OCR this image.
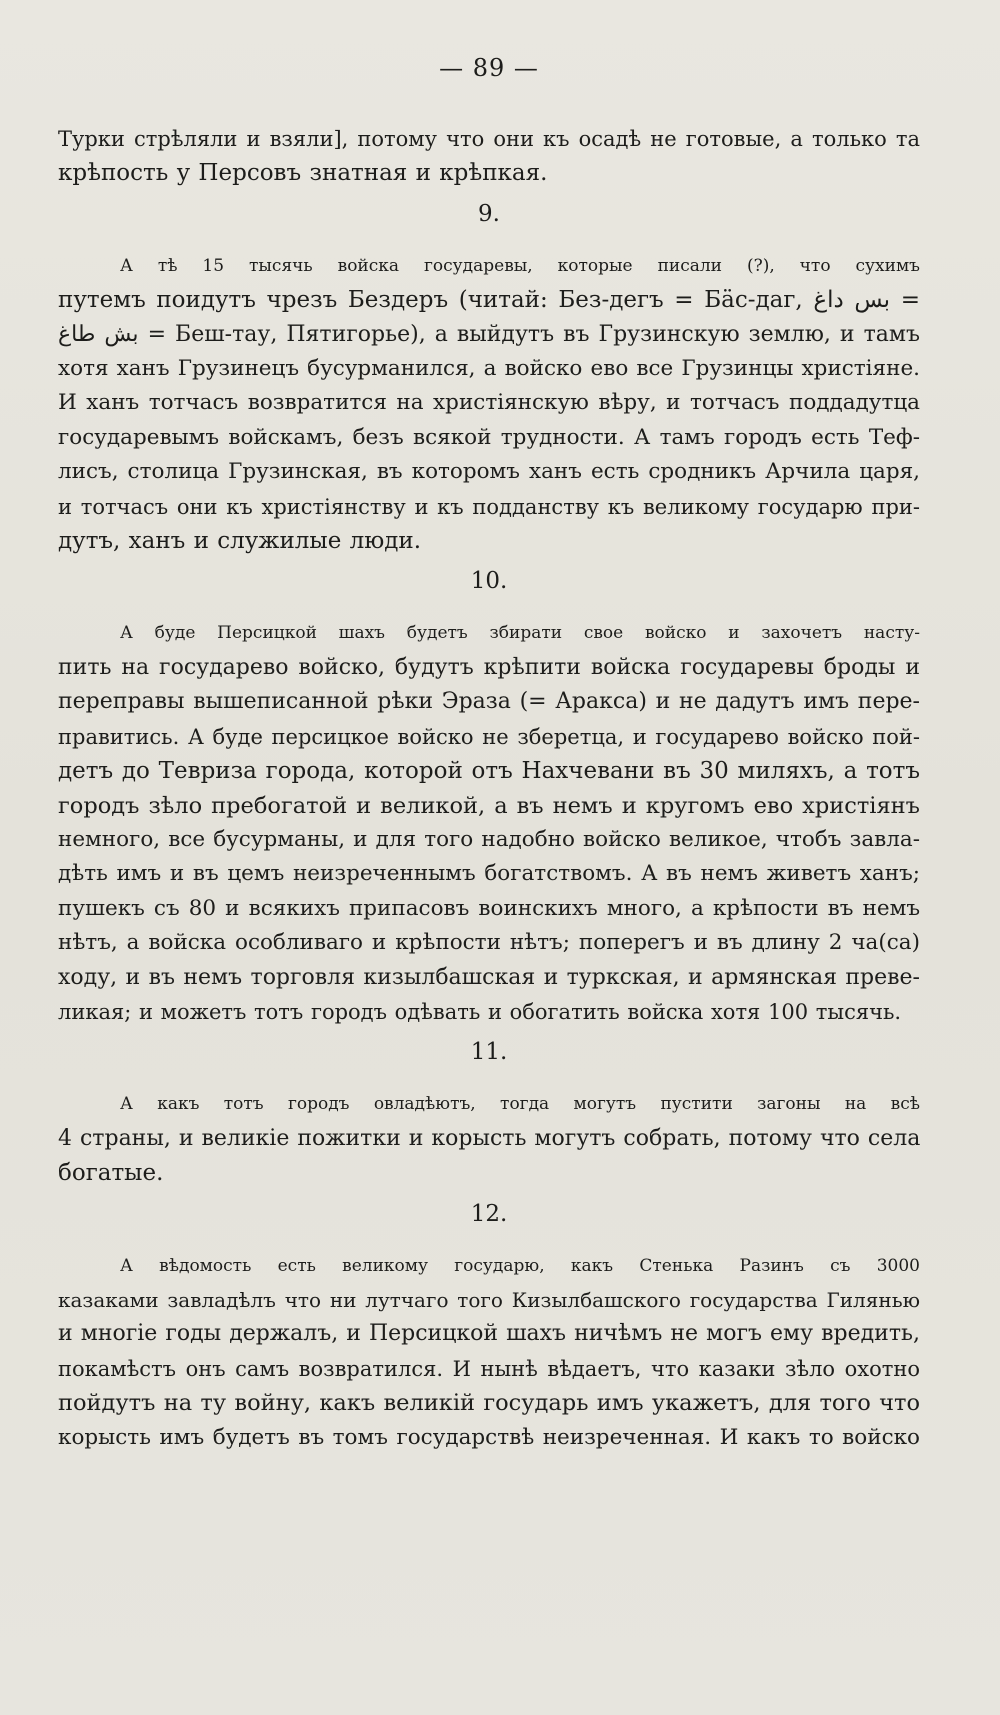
— 89 —
Турки стрѣляли и взяли], потому что они къ осадѣ не готовые, а только та
крѣпость у Персовъ знатная и крѣпкая.
9.
А тѣ 15 тысячь войска государевы, которые писали (?), что сухимъ
путемъ поидутъ чрезъ Бездеръ (читай: Без-дегъ = Бäс-даг, بس داغ =
بش طاغ = Беш-тау, Пятигорье), а выйдутъ въ Грузинскую землю, и тамъ
хотя ханъ Грузинецъ бусурманился, а войско ево все Грузинцы христiяне.
И ханъ тотчасъ возвратится на христiянскую вѣру, и тотчасъ поддадутца
государевымъ войскамъ, безъ всякой трудности. А тамъ городъ есть Теф-
лисъ, столица Грузинская, въ которомъ ханъ есть сродникъ Арчила царя,
и тотчасъ они къ христiянству и къ подданству къ великому государю при-
дутъ, ханъ и служилые люди.
10.
А буде Персицкой шахъ будетъ збирати свое войско и захочетъ насту-
пить на государево войско, будутъ крѣпити войска государевы броды и
переправы вышеписанной рѣки Эраза (= Аракса) и не дадутъ имъ пере-
правитись. А буде персицкое войско не зберетца, и государево войско пой-
детъ до Тевриза города, которой отъ Нахчевани въ 30 миляхъ, а тотъ
городъ зѣло пребогатой и великой, а въ немъ и кругомъ ево христiянъ
немного, все бусурманы, и для того надобно войско великое, чтобъ завла-
дѣть имъ и въ цемъ неизреченнымъ богатствомъ. А въ немъ живетъ ханъ;
пушекъ съ 80 и всякихъ припасовъ воинскихъ много, а крѣпости въ немъ
нѣтъ, а войска особливаго и крѣпости нѣтъ; поперегъ и въ длину 2 ча(са)
ходу, и въ немъ торговля кизылбашская и туркская, и армянская преве-
ликая; и можетъ тотъ городъ одѣвать и обогатить войска хотя 100 тысячь.
11.
А какъ тотъ городъ овладѣютъ, тогда могутъ пустити загоны на всѣ
4 страны, и великiе пожитки и корысть могутъ собрать, потому что села
богатые.
12.
А вѣдомость есть великому государю, какъ Стенька Разинъ съ 3000
казаками завладѣлъ что ни лутчаго того Кизылбашского государства Гилянью
и многiе годы держалъ, и Персицкой шахъ ничѣмъ не могъ ему вредить,
покамѣстъ онъ самъ возвратился. И нынѣ вѣдаетъ, что казаки зѣло охотно
пойдутъ на ту войну, какъ великiй государь имъ укажетъ, для того что
корысть имъ будетъ въ томъ государствѣ неизреченная. И какъ то войско
